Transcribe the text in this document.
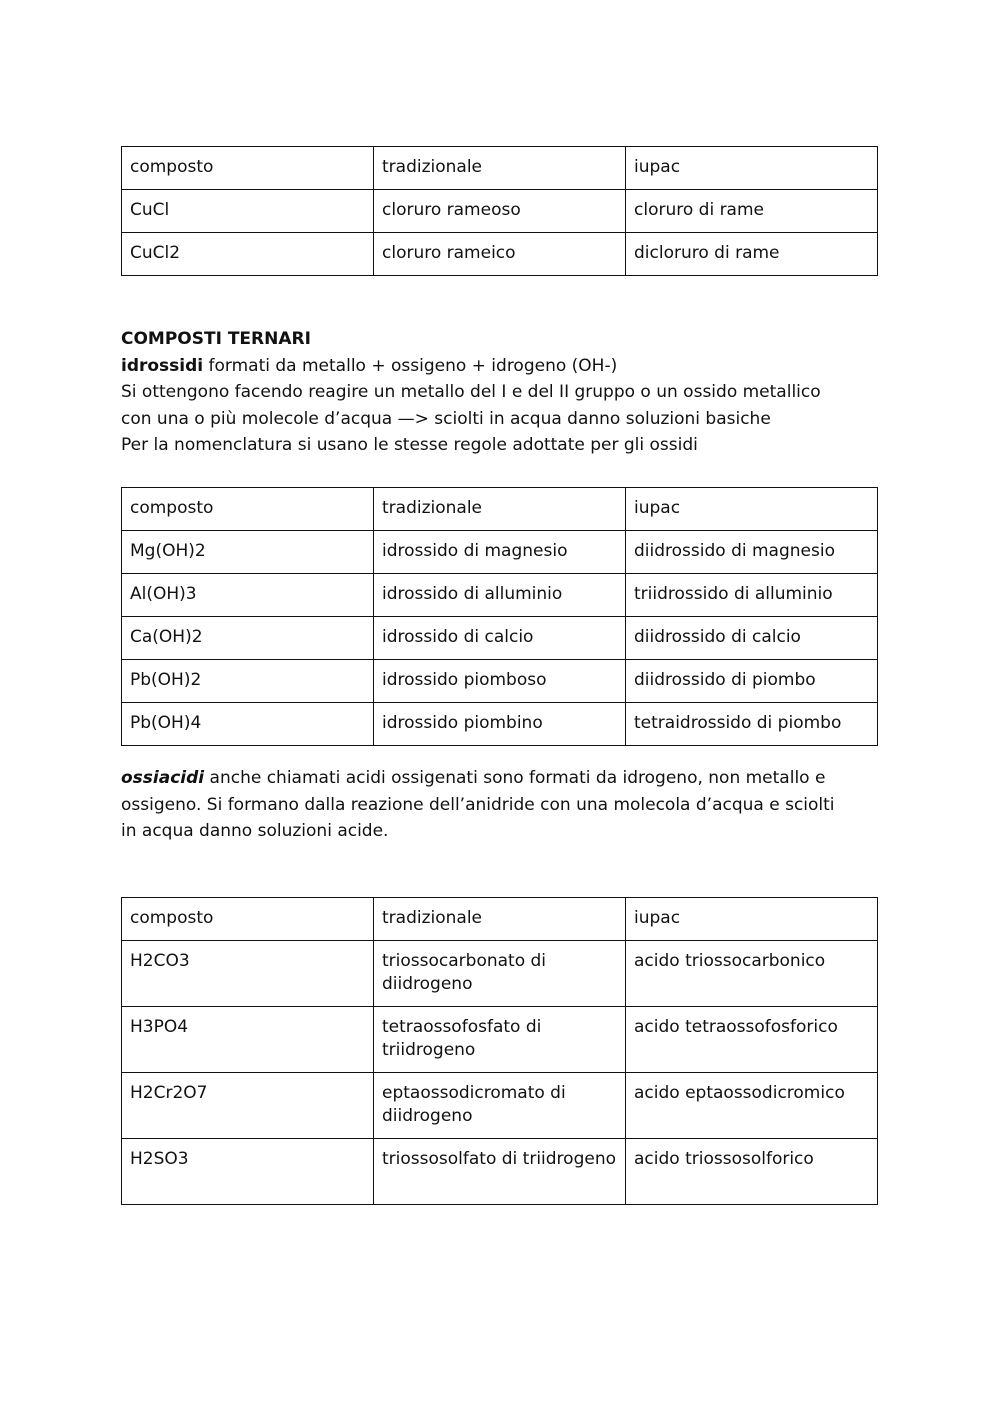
composto	tradizionale	iupac
CuCl	cloruro rameoso	cloruro di rame
CuCl2	cloruro rameico	dicloruro di rame
COMPOSTI TERNARI
idrossidi formati da metallo + ossigeno + idrogeno (OH-)
Si ottengono facendo reagire un metallo del I e del II gruppo o un ossido metallico
con una o più molecole d’acqua —> sciolti in acqua danno soluzioni basiche
Per la nomenclatura si usano le stesse regole adottate per gli ossidi
composto	tradizionale	iupac
Mg(OH)2	idrossido di magnesio	diidrossido di magnesio
Al(OH)3	idrossido di alluminio	triidrossido di alluminio
Ca(OH)2	idrossido di calcio	diidrossido di calcio
Pb(OH)2	idrossido piomboso	diidrossido di piombo
Pb(OH)4	idrossido piombino	tetraidrossido di piombo
ossiacidi anche chiamati acidi ossigenati sono formati da idrogeno, non metallo e
ossigeno. Si formano dalla reazione dell’anidride con una molecola d’acqua e sciolti
in acqua danno soluzioni acide.
composto	tradizionale	iupac
H2CO3	triossocarbonato di diidrogeno	acido triossocarbonico
H3PO4	tetraossofosfato di triidrogeno	acido tetraossofosforico
H2Cr2O7	eptaossodicromato di diidrogeno	acido eptaossodicromico
H2SO3	triossosolfato di triidrogeno	acido triossosolforico
